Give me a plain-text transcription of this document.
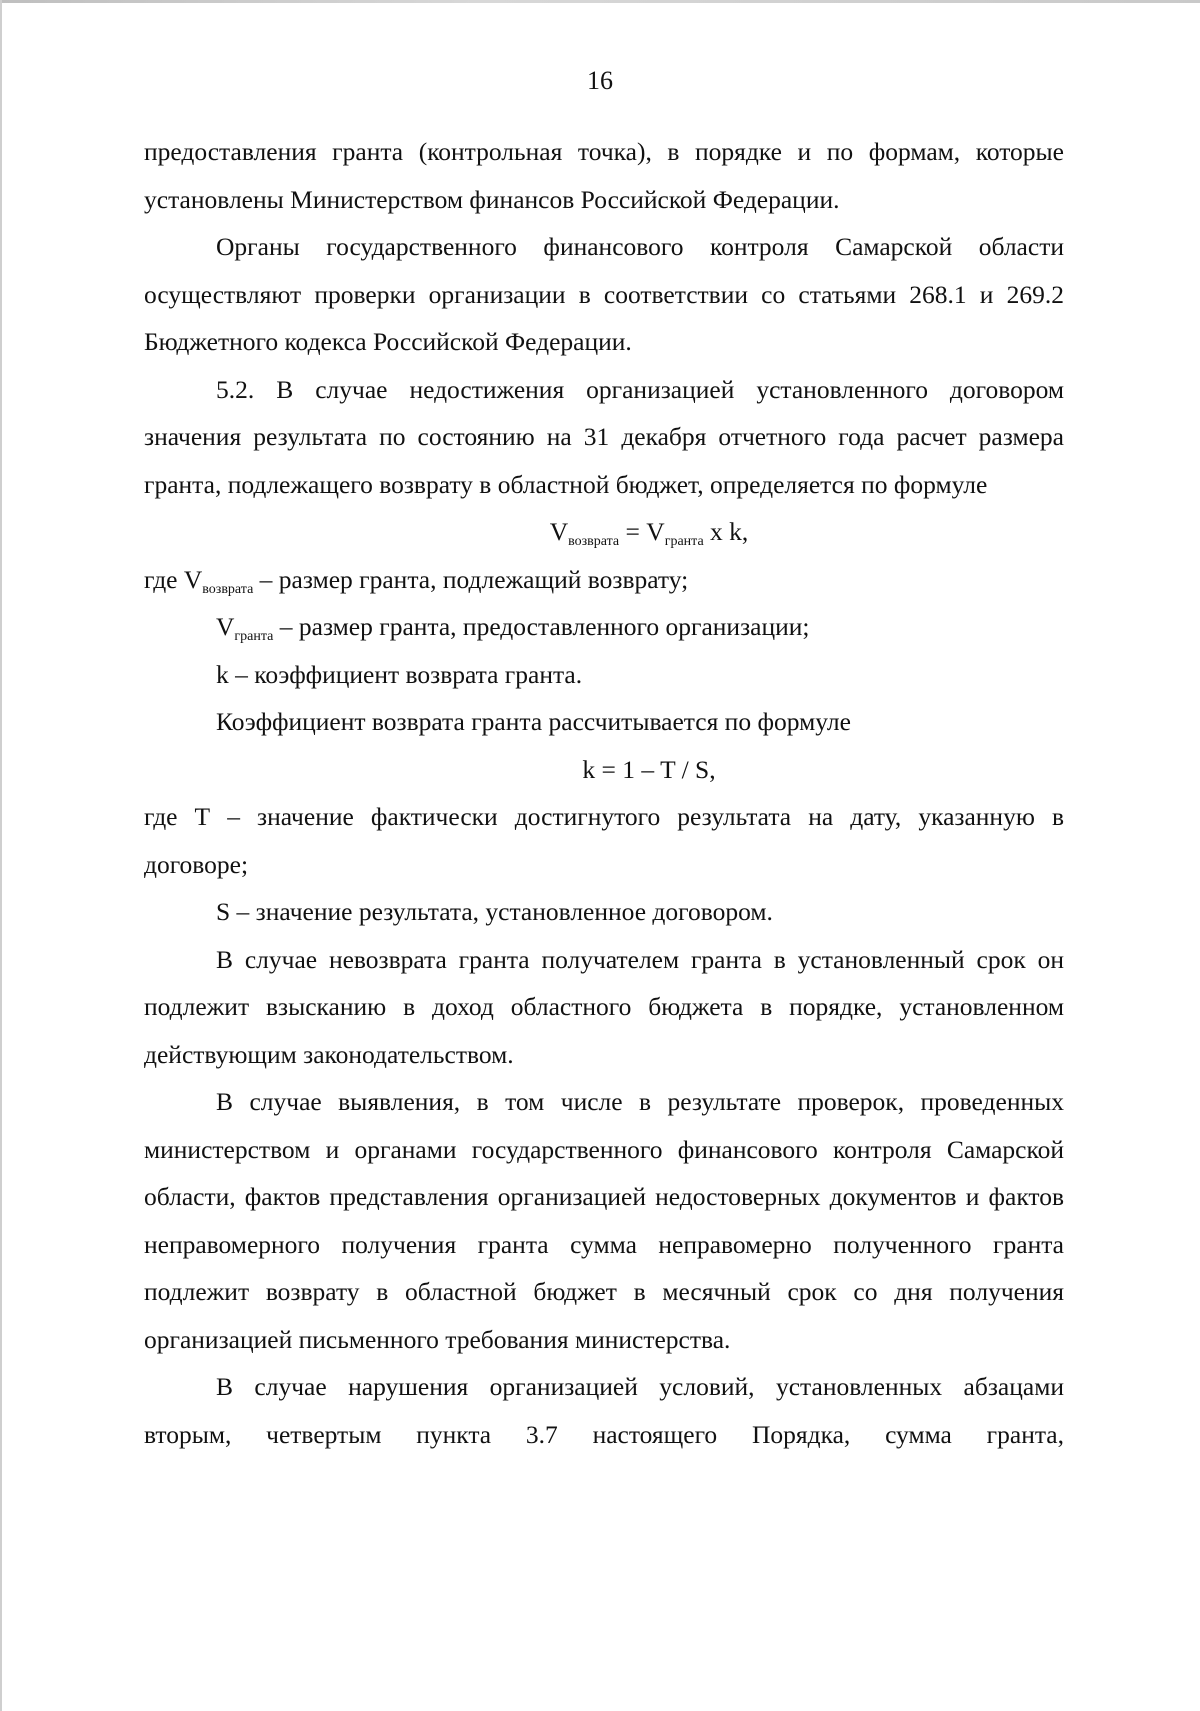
16

предоставления гранта (контрольная точка), в порядке и по формам, которые установлены Министерством финансов Российской Федерации.

Органы государственного финансового контроля Самарской области осуществляют проверки организации в соответствии со статьями 268.1 и 269.2 Бюджетного кодекса Российской Федерации.

5.2. В случае недостижения организацией установленного договором значения результата по состоянию на 31 декабря отчетного года расчет размера гранта, подлежащего возврату в областной бюджет, определяется по формуле

$V_{возврата} = V_{гранта}$ х k,

где $V_{возврата}$ – размер гранта, подлежащий возврату;

$V_{гранта}$ – размер гранта, предоставленного организации;

k – коэффициент возврата гранта.

Коэффициент возврата гранта рассчитывается по формуле

k = 1 – T / S,

где Т – значение фактически достигнутого результата на дату, указанную в договоре;

S – значение результата, установленное договором.

В случае невозврата гранта получателем гранта в установленный срок он подлежит взысканию в доход областного бюджета в порядке, установленном действующим законодательством.

В случае выявления, в том числе в результате проверок, проведенных министерством и органами государственного финансового контроля Самарской области, фактов представления организацией недостоверных документов и фактов неправомерного получения гранта сумма неправомерно полученного гранта подлежит возврату в областной бюджет в месячный срок со дня получения организацией письменного требования министерства.

В случае нарушения организацией условий, установленных абзацами вторым, четвертым пункта 3.7 настоящего Порядка, сумма гранта,
